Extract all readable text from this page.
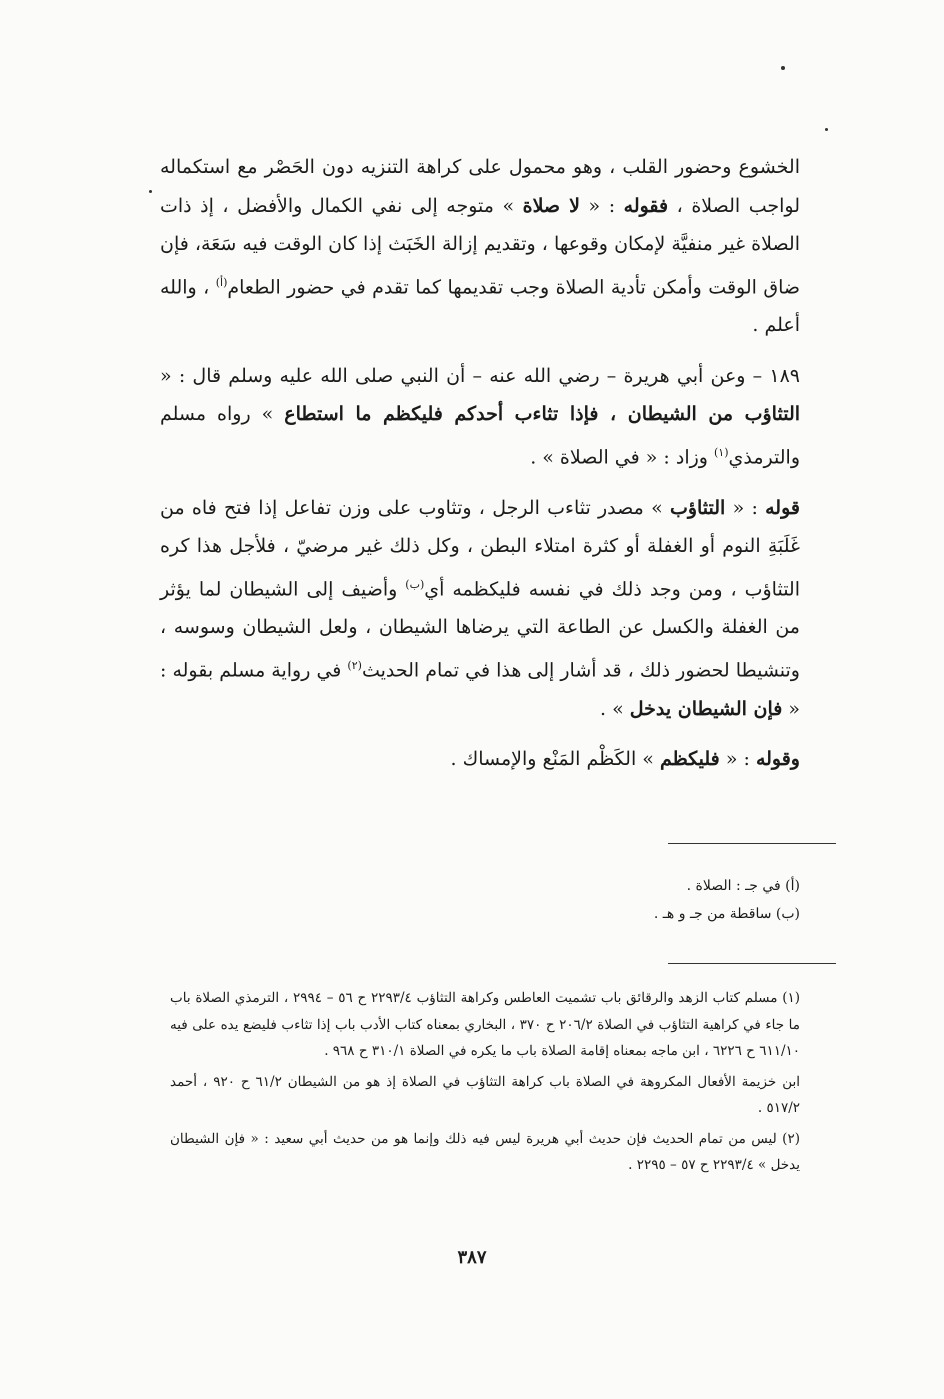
الخشوع وحضور القلب ، وهو محمول على كراهة التنزيه دون الحَصْر مع استكماله لواجب الصلاة ، فقوله : « لا صلاة » متوجه إلى نفي الكمال والأفضل ، إذ ذات الصلاة غير منفيَّة لإمكان وقوعها ، وتقديم إزالة الخَبَث إذا كان الوقت فيه سَعَة، فإن ضاق الوقت وأمكن تأدية الصلاة وجب تقديمها كما تقدم في حضور الطعام$^{(أ)}$ ، والله أعلم .

١٨٩ – وعن أبي هريرة – رضي الله عنه – أن النبي صلى الله عليه وسلم قال : « التثاؤب من الشيطان ، فإذا تثاءب أحدكم فليكظم ما استطاع » رواه مسلم والترمذي$^{(١)}$ وزاد : « في الصلاة » .

قوله : « التثاؤب » مصدر تثاءب الرجل ، وتثاوب على وزن تفاعل إذا فتح فاه من غَلَبَةِ النوم أو الغفلة أو كثرة امتلاء البطن ، وكل ذلك غير مرضيّ ، فلأجل هذا كره التثاؤب ، ومن وجد ذلك في نفسه فليكظمه أي$^{(ب)}$ وأضيف إلى الشيطان لما يؤثر من الغفلة والكسل عن الطاعة التي يرضاها الشيطان ، ولعل الشيطان وسوسه ، وتنشيطا لحضور ذلك ، قد أشار إلى هذا في تمام الحديث$^{(٢)}$ في رواية مسلم بقوله : « فإن الشيطان يدخل » .

وقوله : « فليكظم » الكَظْم المَنْع والإمساك .

(أ) في جـ : الصلاة .
(ب) ساقطة من جـ و هـ .

(١) مسلم كتاب الزهد والرقائق باب تشميت العاطس وكراهة التثاؤب ٢٢٩٣/٤ ح ٥٦ – ٢٩٩٤ ، الترمذي الصلاة باب ما جاء في كراهية التثاؤب في الصلاة ٢٠٦/٢ ح ٣٧٠ ، البخاري بمعناه كتاب الأدب باب إذا تثاءب فليضع يده على فيه ٦١١/١٠ ح ٦٢٢٦ ، ابن ماجه بمعناه إقامة الصلاة باب ما يكره في الصلاة ٣١٠/١ ح ٩٦٨ .

ابن خزيمة الأفعال المكروهة في الصلاة باب كراهة التثاؤب في الصلاة إذ هو من الشيطان ٦١/٢ ح ٩٢٠ ، أحمد ٥١٧/٢ .

(٢) ليس من تمام الحديث فإن حديث أبي هريرة ليس فيه ذلك وإنما هو من حديث أبي سعيد : « فإن الشيطان يدخل » ٢٢٩٣/٤ ح ٥٧ – ٢٢٩٥ .

٣٨٧
